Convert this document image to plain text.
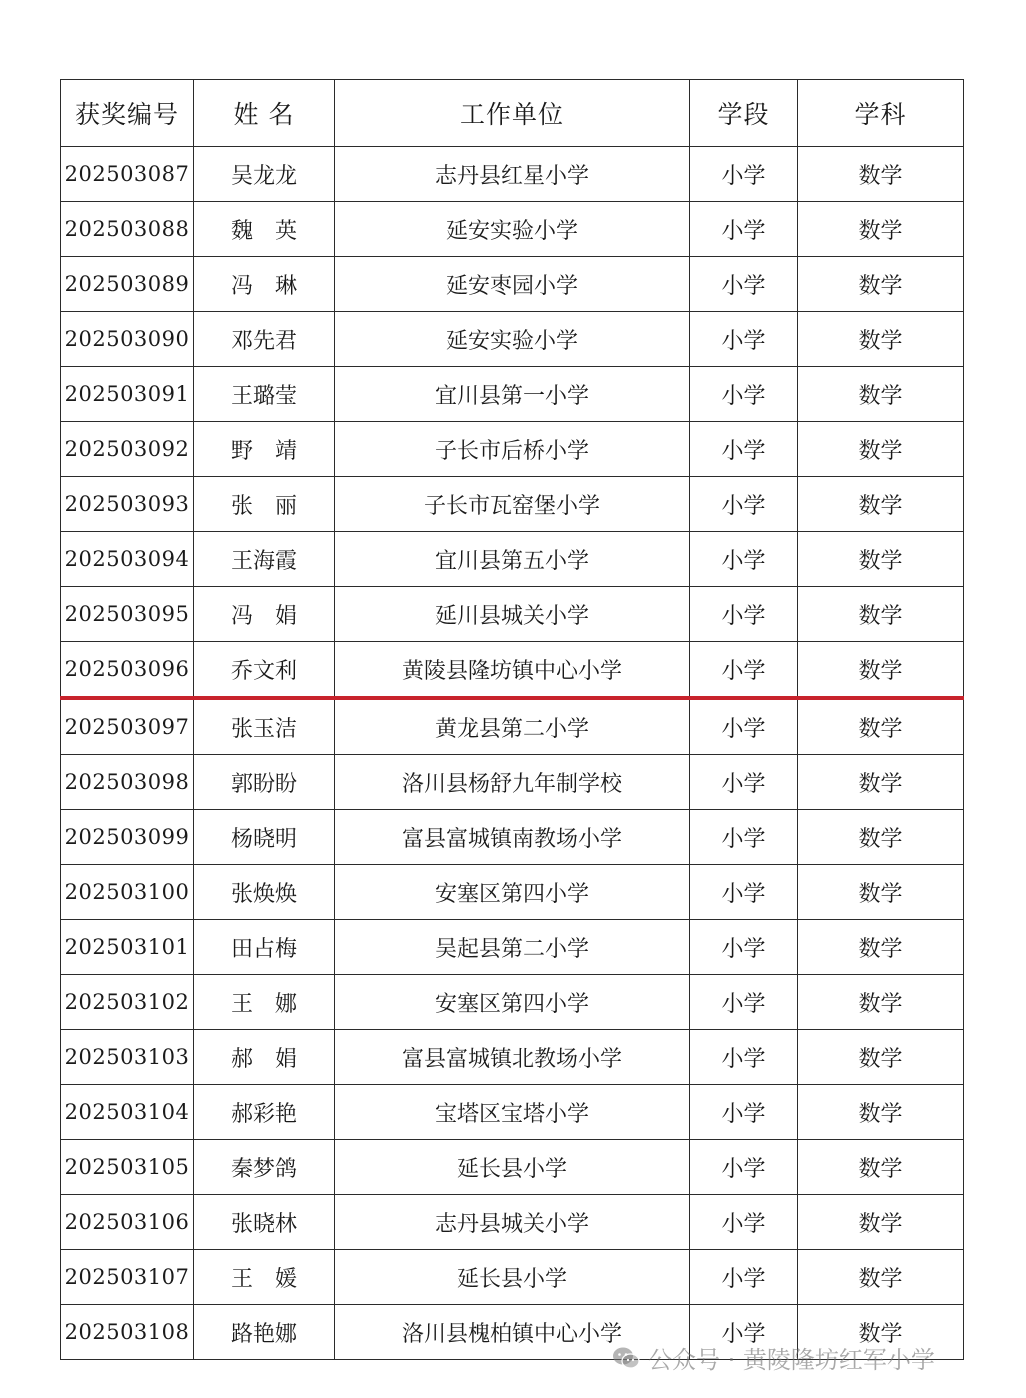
获奖编号	姓 名	工作单位	学段	学科
202503087	吴龙龙	志丹县红星小学	小学	数学
202503088	魏　英	延安实验小学	小学	数学
202503089	冯　琳	延安枣园小学	小学	数学
202503090	邓先君	延安实验小学	小学	数学
202503091	王璐莹	宜川县第一小学	小学	数学
202503092	野　靖	子长市后桥小学	小学	数学
202503093	张　丽	子长市瓦窑堡小学	小学	数学
202503094	王海霞	宜川县第五小学	小学	数学
202503095	冯　娟	延川县城关小学	小学	数学
202503096	乔文利	黄陵县隆坊镇中心小学	小学	数学
202503097	张玉洁	黄龙县第二小学	小学	数学
202503098	郭盼盼	洛川县杨舒九年制学校	小学	数学
202503099	杨晓明	富县富城镇南教场小学	小学	数学
202503100	张焕焕	安塞区第四小学	小学	数学
202503101	田占梅	吴起县第二小学	小学	数学
202503102	王　娜	安塞区第四小学	小学	数学
202503103	郝　娟	富县富城镇北教场小学	小学	数学
202503104	郝彩艳	宝塔区宝塔小学	小学	数学
202503105	秦梦鸽	延长县小学	小学	数学
202503106	张晓林	志丹县城关小学	小学	数学
202503107	王　媛	延长县小学	小学	数学
202503108	路艳娜	洛川县槐柏镇中心小学	小学	数学
公众号 · 黄陵隆坊红军小学
